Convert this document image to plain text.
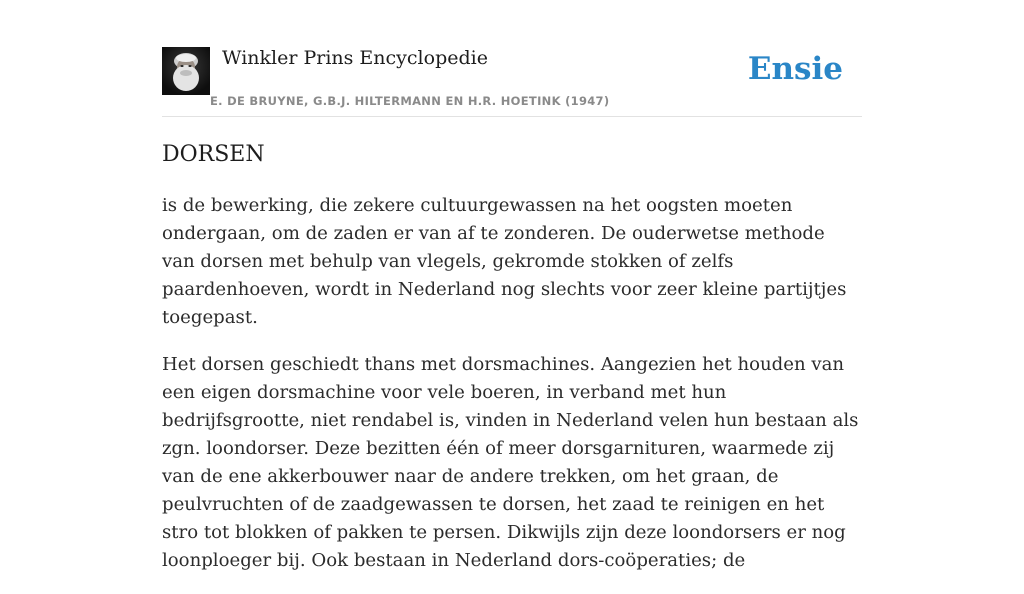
Winkler Prins Encyclopedie
E. DE BRUYNE, G.B.J. HILTERMANN EN H.R. HOETINK (1947)
Ensie
DORSEN

is de bewerking, die zekere cultuurgewassen na het oogsten moeten ondergaan, om de zaden er van af te zonderen. De ouderwetse methode van dorsen met behulp van vlegels, gekromde stokken of zelfs paardenhoeven, wordt in Nederland nog slechts voor zeer kleine partijtjes toegepast.

Het dorsen geschiedt thans met dorsmachines. Aangezien het houden van een eigen dorsmachine voor vele boeren, in verband met hun bedrijfsgrootte, niet rendabel is, vinden in Nederland velen hun bestaan als zgn. loondorser. Deze bezitten één of meer dorsgarnituren, waarmede zij van de ene akkerbouwer naar de andere trekken, om het graan, de peulvruchten of de zaadgewassen te dorsen, het zaad te reinigen en het stro tot blokken of pakken te persen. Dikwijls zijn deze loondorsers er nog loonploeger bij. Ook bestaan in Nederland dors-coöperaties; de
